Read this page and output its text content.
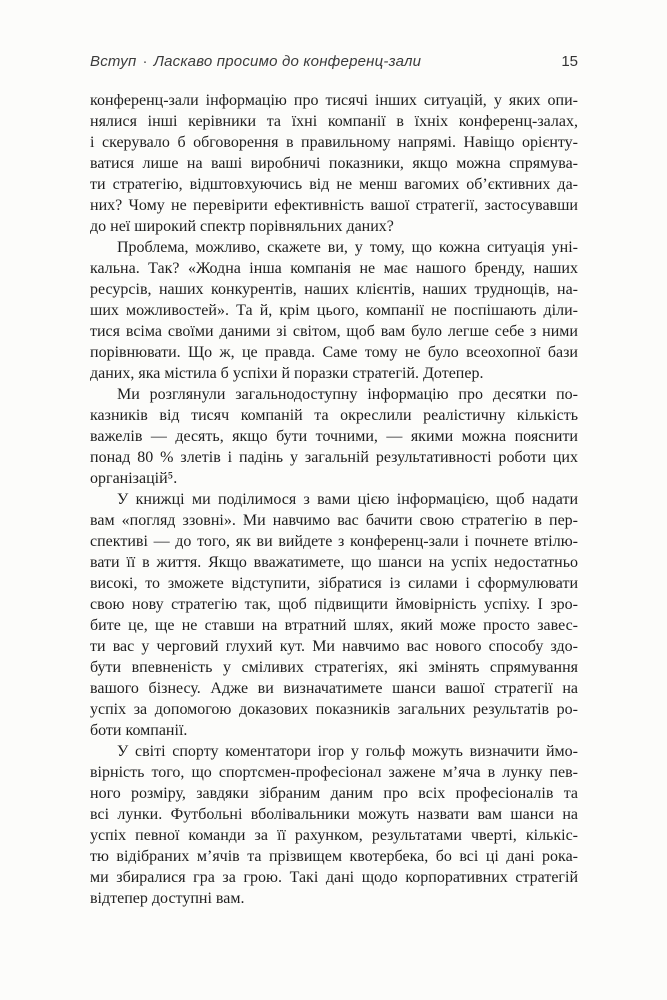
Вступ · Ласкаво просимо до конференц-зали	15
конференц-зали інформацію про тисячі інших ситуацій, у яких опи-
нялися інші керівники та їхні компанії в їхніх конференц-залах,
і скерувало б обговорення в правильному напрямі. Навіщо орієнту-
ватися лише на ваші виробничі показники, якщо можна спрямува-
ти стратегію, відштовхуючись від не менш вагомих об’єктивних да-
них? Чому не перевірити ефективність вашої стратегії, застосувавши
до неї широкий спектр порівняльних даних?
Проблема, можливо, скажете ви, у тому, що кожна ситуація уні-
кальна. Так? «Жодна інша компанія не має нашого бренду, наших
ресурсів, наших конкурентів, наших клієнтів, наших труднощів, на-
ших можливостей». Та й, крім цього, компанії не поспішають діли-
тися всіма своїми даними зі світом, щоб вам було легше себе з ними
порівнювати. Що ж, це правда. Саме тому не було всеохопної бази
даних, яка містила б успіхи й поразки стратегій. Дотепер.
Ми розглянули загальнодоступну інформацію про десятки по-
казників від тисяч компаній та окреслили реалістичну кількість
важелів — десять, якщо бути точними, — якими можна пояснити
понад 80 % злетів і падінь у загальній результативності роботи цих
організацій⁵.
У книжці ми поділимося з вами цією інформацією, щоб надати
вам «погляд ззовні». Ми навчимо вас бачити свою стратегію в пер-
спективі — до того, як ви вийдете з конференц-зали і почнете втілю-
вати її в життя. Якщо вважатимете, що шанси на успіх недостатньо
високі, то зможете відступити, зібратися із силами і сформулювати
свою нову стратегію так, щоб підвищити ймовірність успіху. І зро-
бите це, ще не ставши на втратний шлях, який може просто завес-
ти вас у черговий глухий кут. Ми навчимо вас нового способу здо-
бути впевненість у сміливих стратегіях, які змінять спрямування
вашого бізнесу. Адже ви визначатимете шанси вашої стратегії на
успіх за допомогою доказових показників загальних результатів ро-
боти компанії.
У світі спорту коментатори ігор у гольф можуть визначити ймо-
вірність того, що спортсмен-професіонал зажене м’яча в лунку пев-
ного розміру, завдяки зібраним даним про всіх професіоналів та
всі лунки. Футбольні вболівальники можуть назвати вам шанси на
успіх певної команди за її рахунком, результатами чверті, кількіс-
тю відібраних м’ячів та прізвищем квотербека, бо всі ці дані рока-
ми збиралися гра за грою. Такі дані щодо корпоративних стратегій
відтепер доступні вам.
